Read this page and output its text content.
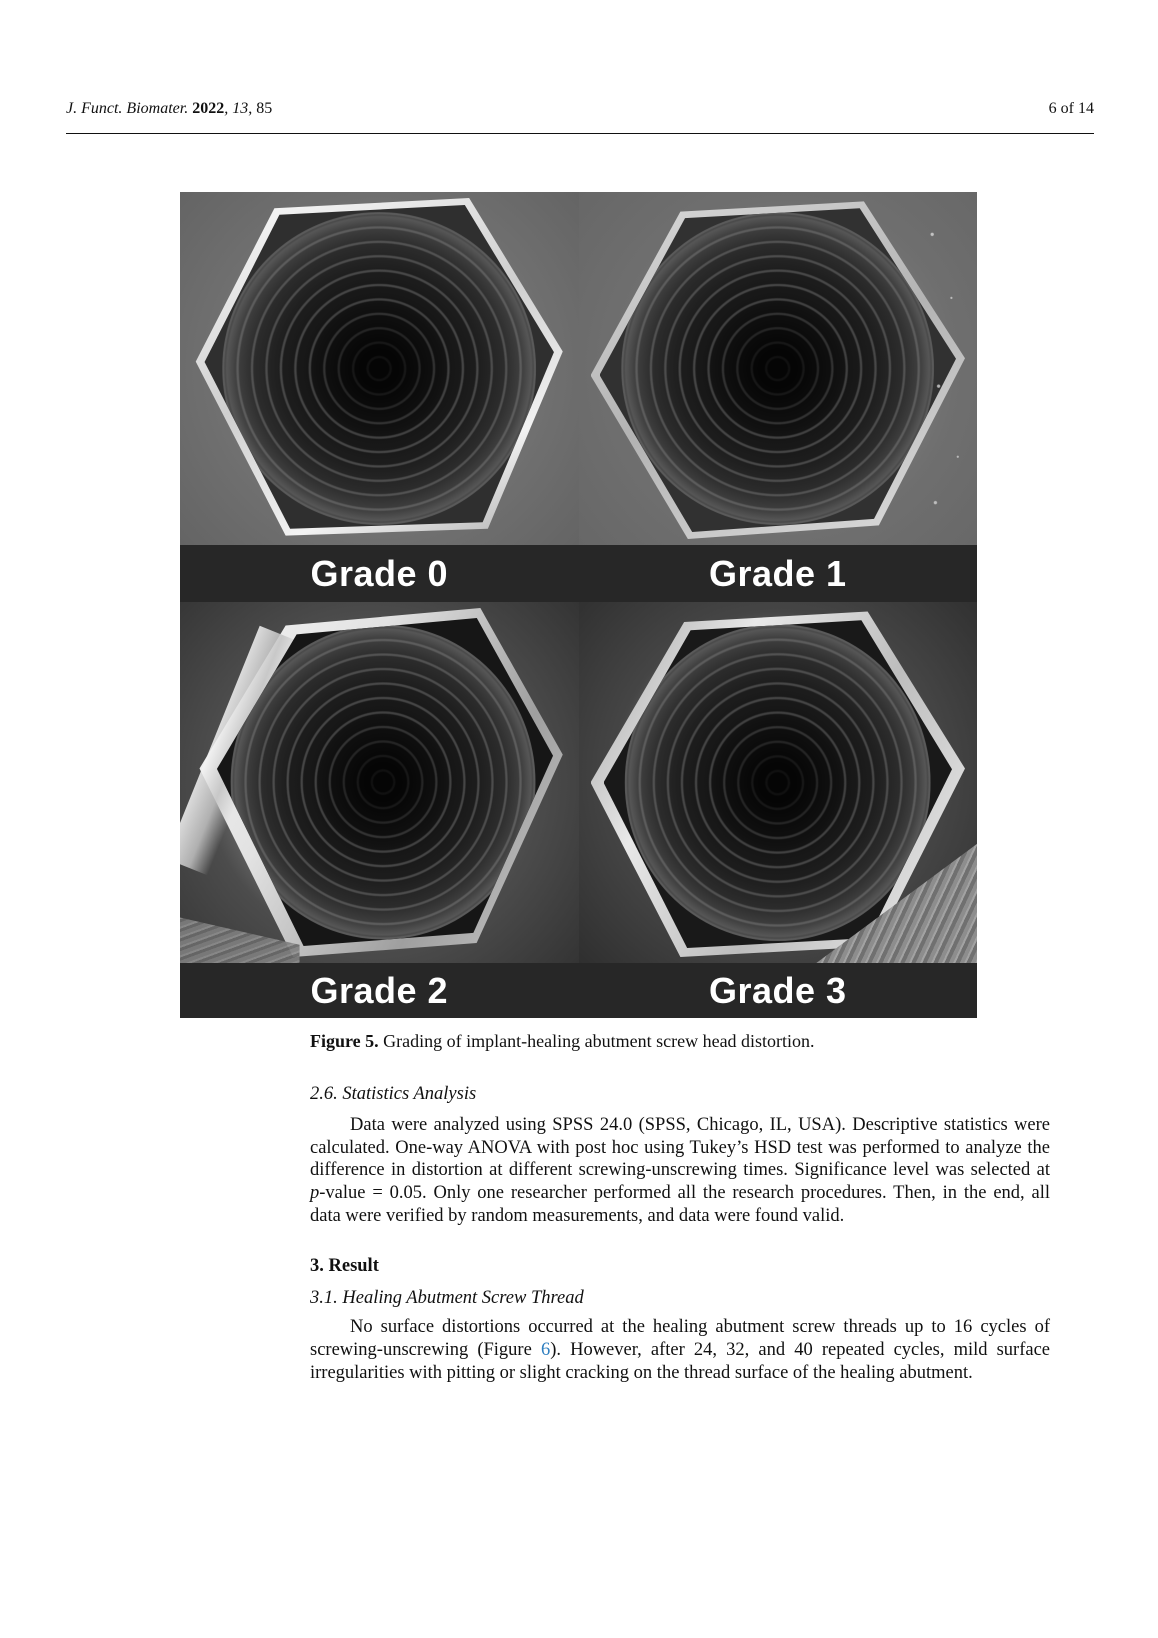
J. Funct. Biomater. 2022, 13, 85	6 of 14
Grade 0	Grade 1
Grade 2	Grade 3

Figure 5. Grading of implant-healing abutment screw head distortion.

2.6. Statistics Analysis

Data were analyzed using SPSS 24.0 (SPSS, Chicago, IL, USA). Descriptive statistics were calculated. One-way ANOVA with post hoc using Tukey’s HSD test was performed to analyze the difference in distortion at different screwing-unscrewing times. Significance level was selected at p-value = 0.05. Only one researcher performed all the research procedures. Then, in the end, all data were verified by random measurements, and data were found valid.

3. Result
3.1. Healing Abutment Screw Thread

No surface distortions occurred at the healing abutment screw threads up to 16 cycles of screwing-unscrewing (Figure 6). However, after 24, 32, and 40 repeated cycles, mild surface irregularities with pitting or slight cracking on the thread surface of the healing abutment.
